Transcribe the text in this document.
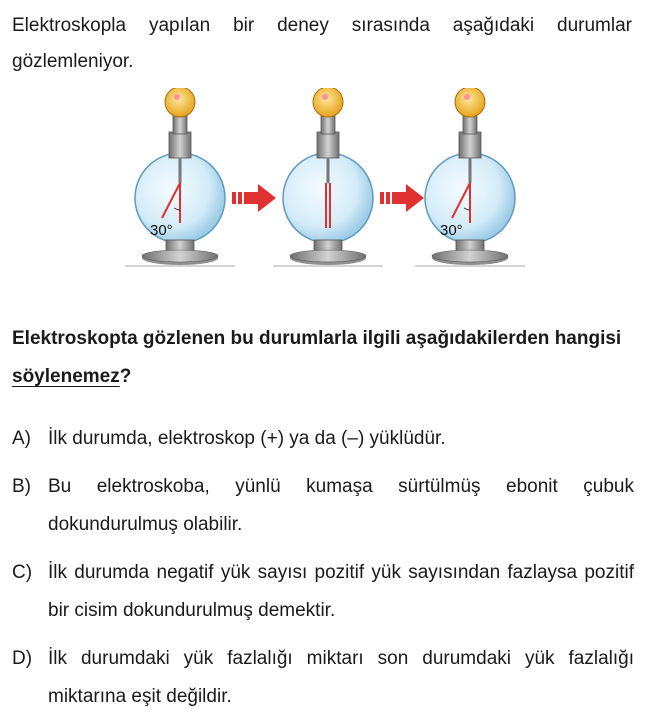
Elektroskopla yapılan bir deney sırasında aşağıdaki durumlar gözlemleniyor.

30°	30°

Elektroskopta gözlenen bu durumlarla ilgili aşağıdakilerden hangisi söylenemez?

A) İlk durumda, elektroskop (+) ya da (–) yüklüdür.
B) Bu elektroskoba, yünlü kumaşa sürtülmüş ebonit çubuk dokundurulmuş olabilir.
C) İlk durumda negatif yük sayısı pozitif yük sayısından fazlaysa pozitif bir cisim dokundurulmuş demektir.
D) İlk durumdaki yük fazlalığı miktarı son durumdaki yük fazlalığı miktarına eşit değildir.
